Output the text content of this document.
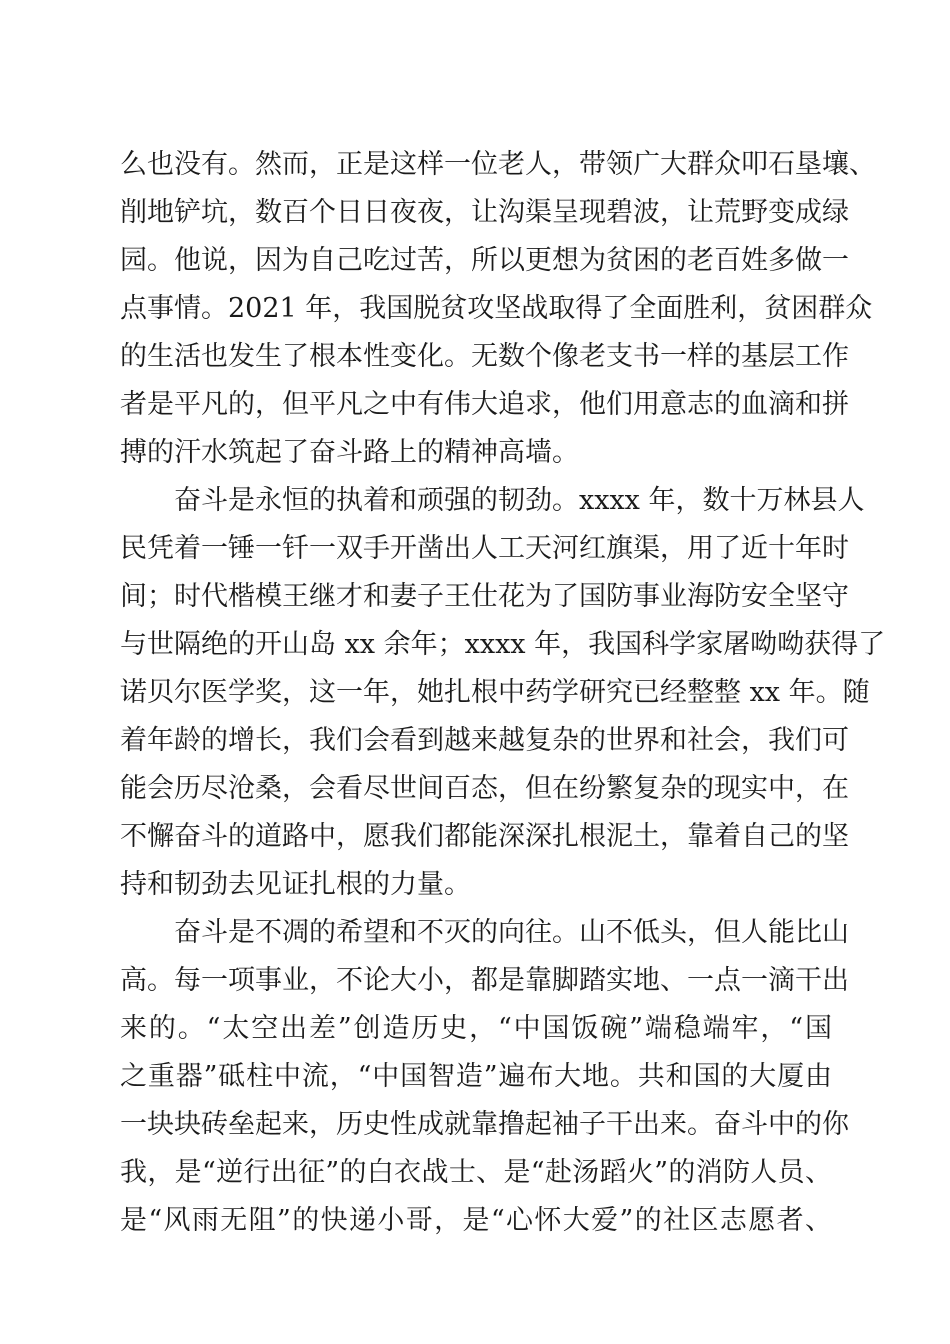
么也没有。然而，正是这样一位老人，带领广大群众叩石垦壤、
削地铲坑，数百个日日夜夜，让沟渠呈现碧波，让荒野变成绿
园。他说，因为自己吃过苦，所以更想为贫困的老百姓多做一
点事情。2021 年，我国脱贫攻坚战取得了全面胜利，贫困群众
的生活也发生了根本性变化。无数个像老支书一样的基层工作
者是平凡的，但平凡之中有伟大追求，他们用意志的血滴和拼
搏的汗水筑起了奋斗路上的精神高墙。
奋斗是永恒的执着和顽强的韧劲。xxxx 年，数十万林县人
民凭着一锤一钎一双手开凿出人工天河红旗渠，用了近十年时
间；时代楷模王继才和妻子王仕花为了国防事业海防安全坚守
与世隔绝的开山岛 xx 余年；xxxx 年，我国科学家屠呦呦获得了
诺贝尔医学奖，这一年，她扎根中药学研究已经整整 xx 年。随
着年龄的增长，我们会看到越来越复杂的世界和社会，我们可
能会历尽沧桑，会看尽世间百态，但在纷繁复杂的现实中，在
不懈奋斗的道路中，愿我们都能深深扎根泥土，靠着自己的坚
持和韧劲去见证扎根的力量。
奋斗是不凋的希望和不灭的向往。山不低头，但人能比山
高。每一项事业，不论大小，都是靠脚踏实地、一点一滴干出
来的。“太空出差”创造历史，“中国饭碗”端稳端牢，“国
之重器”砥柱中流，“中国智造”遍布大地。共和国的大厦由
一块块砖垒起来，历史性成就靠撸起袖子干出来。奋斗中的你
我，是“逆行出征”的白衣战士、是“赴汤蹈火”的消防人员、
是“风雨无阻”的快递小哥，是“心怀大爱”的社区志愿者、
